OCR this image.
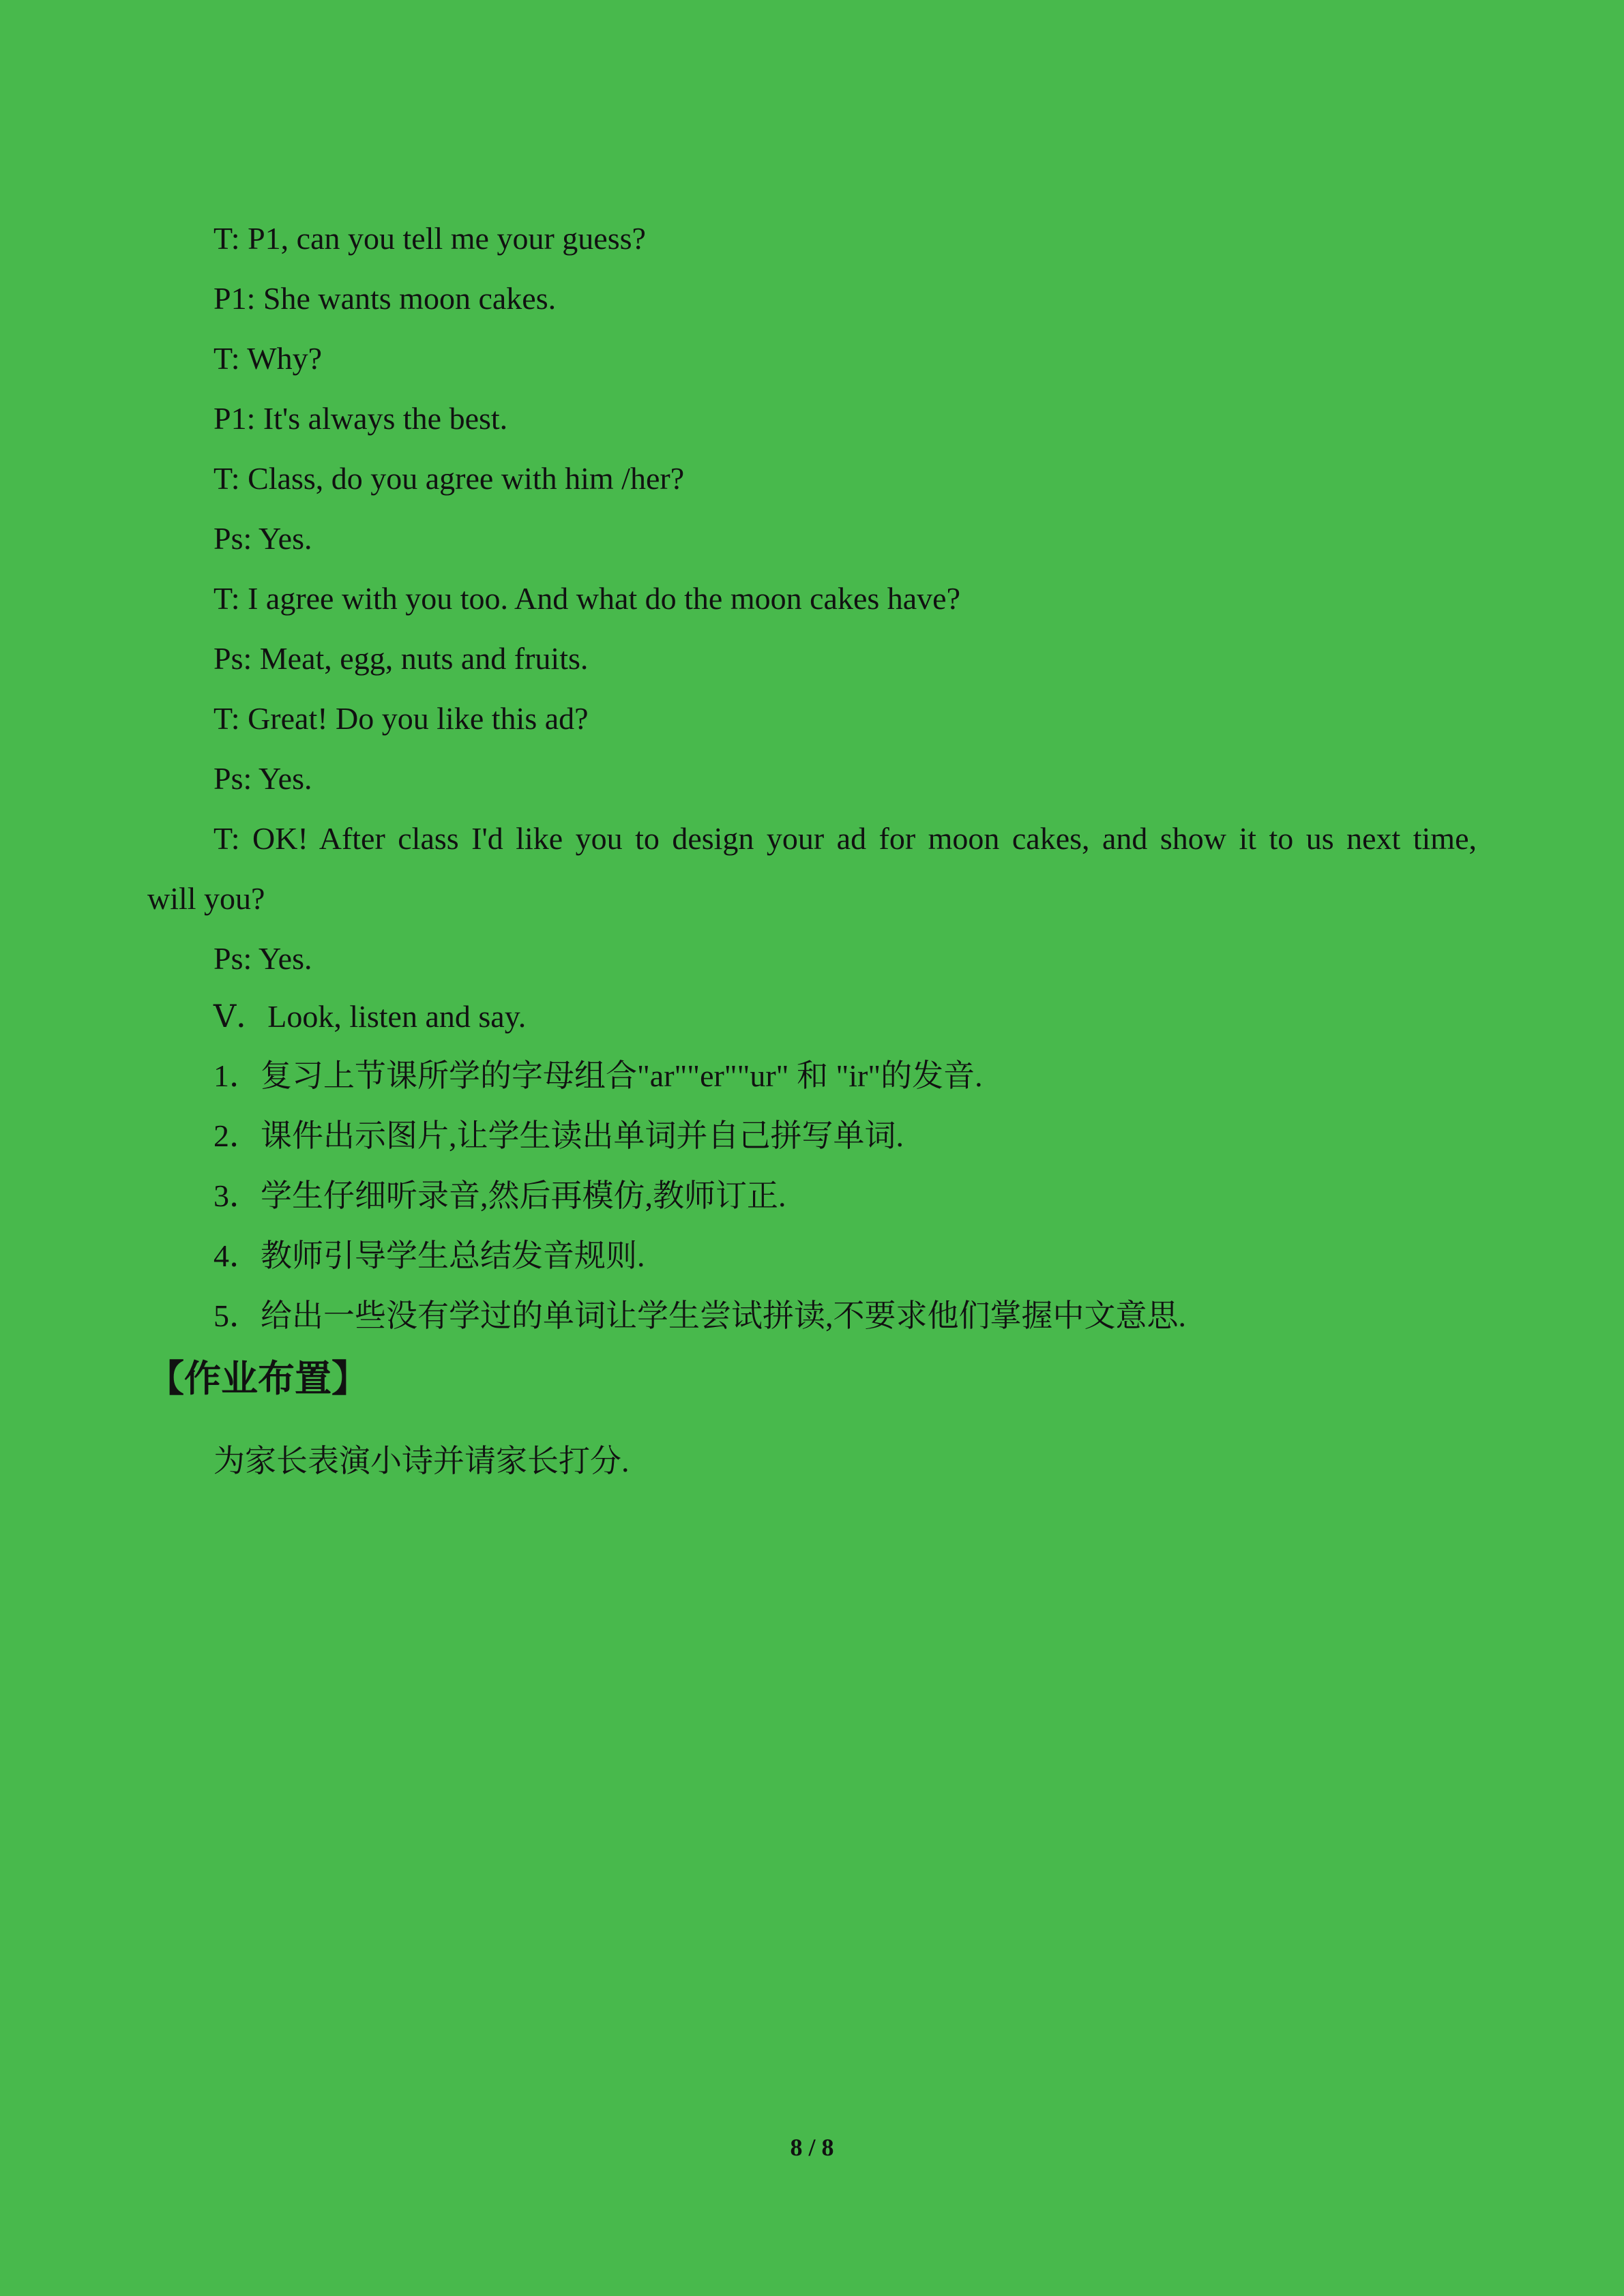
T: P1, can you tell me your guess?
P1: She wants moon cakes.
T: Why?
P1: It's always the best.
T: Class, do you agree with him /her?
Ps: Yes.
T: I agree with you too. And what do the moon cakes have?
Ps: Meat, egg, nuts and fruits.
T: Great! Do you like this ad?
Ps: Yes.
T: OK! After class I'd like you to design your ad for moon cakes, and show it to us next time,
will you?
Ps: Yes.
Ⅴ．Look, listen and say.
1．复习上节课所学的字母组合"ar""er""ur" 和 "ir"的发音.
2．课件出示图片,让学生读出单词并自己拼写单词.
3．学生仔细听录音,然后再模仿,教师订正.
4．教师引导学生总结发音规则.
5．给出一些没有学过的单词让学生尝试拼读,不要求他们掌握中文意思.
【作业布置】
为家长表演小诗并请家长打分.
8 / 8
